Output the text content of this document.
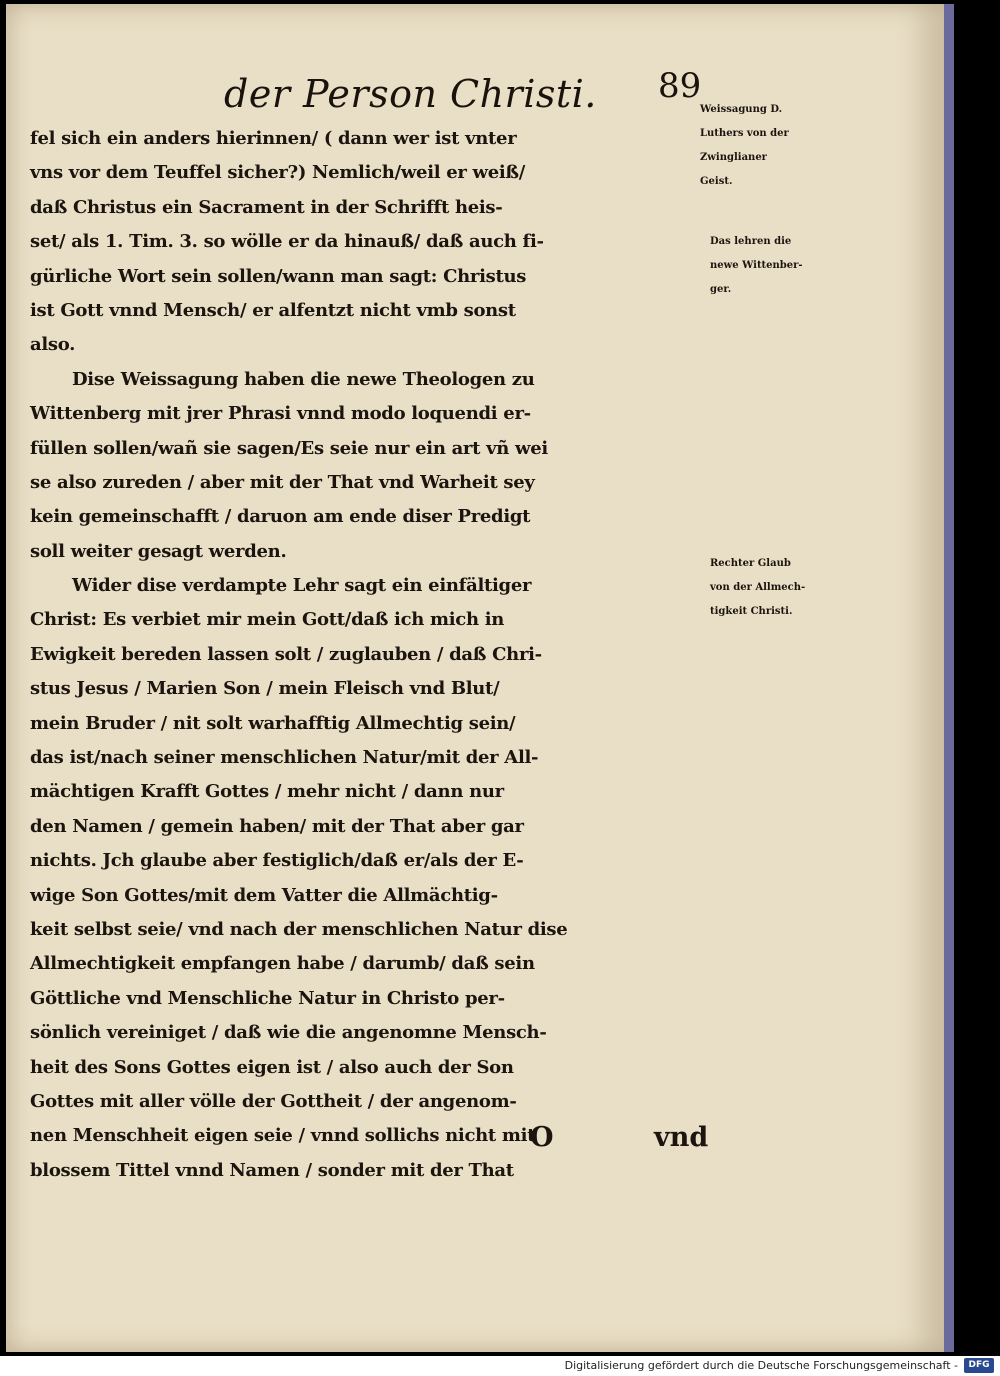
der Person Christi. 89
fel sich ein anders hierinnen/ ( dann wer ist vnter
vns vor dem Teuffel sicher?) Nemlich/weil er weiß/
daß Christus ein Sacrament in der Schrifft heis-
set/ als 1. Tim. 3. so wölle er da hinauß/ daß auch fi-
gürliche Wort sein sollen/wann man sagt: Christus
ist Gott vnnd Mensch/ er alfentzt nicht vmb sonst
also.
Dise Weissagung haben die newe Theologen zu
Wittenberg mit jrer Phrasi vnnd modo loquendi er-
füllen sollen/wañ sie sagen/Es seie nur ein art vñ wei
se also zureden / aber mit der That vnd Warheit sey
kein gemeinschafft / daruon am ende diser Predigt
soll weiter gesagt werden.
Wider dise verdampte Lehr sagt ein einfältiger
Christ: Es verbiet mir mein Gott/daß ich mich in
Ewigkeit bereden lassen solt / zuglauben / daß Chri-
stus Jesus / Marien Son / mein Fleisch vnd Blut/
mein Bruder / nit solt warhafftig Allmechtig sein/
das ist/nach seiner menschlichen Natur/mit der All-
mächtigen Krafft Gottes / mehr nicht / dann nur
den Namen / gemein haben/ mit der That aber gar
nichts. Jch glaube aber festiglich/daß er/als der E-
wige Son Gottes/mit dem Vatter die Allmächtig-
keit selbst seie/ vnd nach der menschlichen Natur dise
Allmechtigkeit empfangen habe / darumb/ daß sein
Göttliche vnd Menschliche Natur in Christo per-
sönlich vereiniget / daß wie die angenomne Mensch-
heit des Sons Gottes eigen ist / also auch der Son
Gottes mit aller völle der Gottheit / der angenom-
nen Menschheit eigen seie / vnnd sollichs nicht mit
blossem Tittel vnnd Namen / sonder mit der That
O	vnd
Weissagung D.
Luthers von der
Zwinglianer
Geist.
Das lehren die
newe Wittenber-
ger.
Rechter Glaub
von der Allmech-
tigkeit Christi.
Digitalisierung gefördert durch die Deutsche Forschungsgemeinschaft -	DFG
